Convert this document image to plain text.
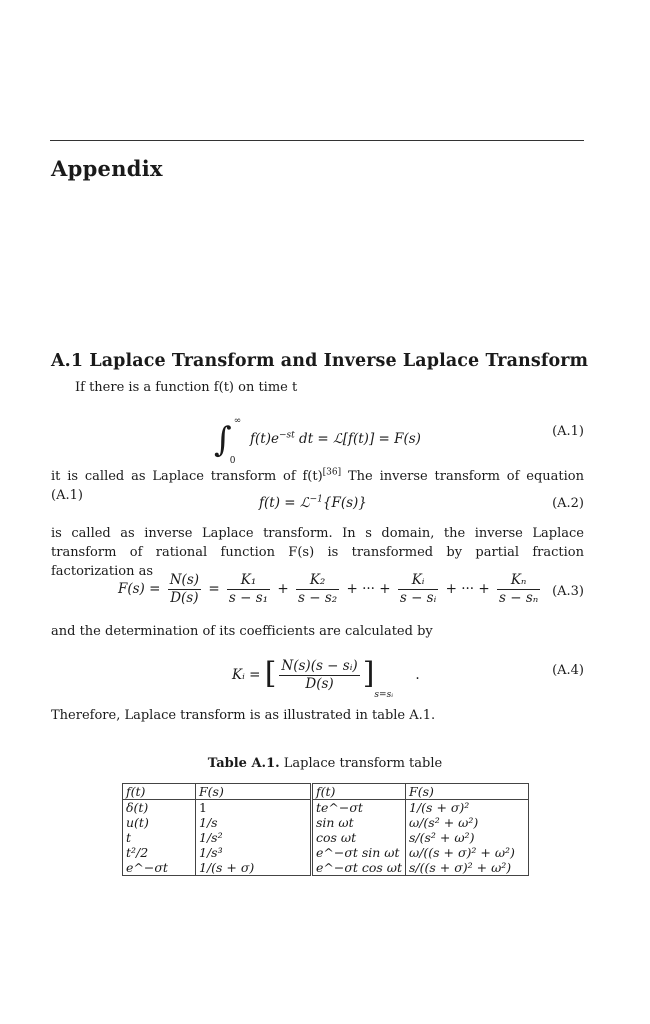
Appendix
A.1 Laplace Transform and Inverse Laplace Transform
If there is a function f(t) on time t
∫ ∞
0
$f(t)e^{-st}$ dt = ℒ[f(t)] = F(s)	(A.1)
it is called as Laplace transform of f(t)[36] The inverse transform of equation (A.1)	f(t) = ℒ$^{-1}${F(s)}	(A.2)
is called as inverse Laplace transform. In s domain, the inverse Laplace transform of rational function F(s) is transformed by partial fraction factorization as
$F(s) = \frac{N(s)}{D(s)} = \frac{\text{K₁}}{\text{s − s₁}} + \frac{\text{K₂}}{\text{s − s₂}}$ + ··· + $\frac{\text{Kᵢ}}{\text{s − sᵢ}}$ + ··· + $\frac{\text{Kₙ}}{\text{s − sₙ}} (A.3)$
and the determination of its coefficients are calculated by
Kᵢ = [ $\frac{\text{N(s)(s − sᵢ)}}{D(s)} ]_{s=sᵢ}$ .	(A.4)
Therefore, Laplace transform is as illustrated in table A.1.
Table A.1. Laplace transform table
f(t)	F(s)	f(t)	F(s)
δ(t)	1	te^−σt	1/(s + σ)²
u(t)	1/s	sin ωt	ω/(s² + ω²)
t	1/s²	cos ωt	s/(s² + ω²)
t²/2	1/s³	e^−σt sin ωt	ω/((s + σ)² + ω²)
e^−σt	1/(s + σ)	e^−σt cos ωt	s/((s + σ)² + ω²)
